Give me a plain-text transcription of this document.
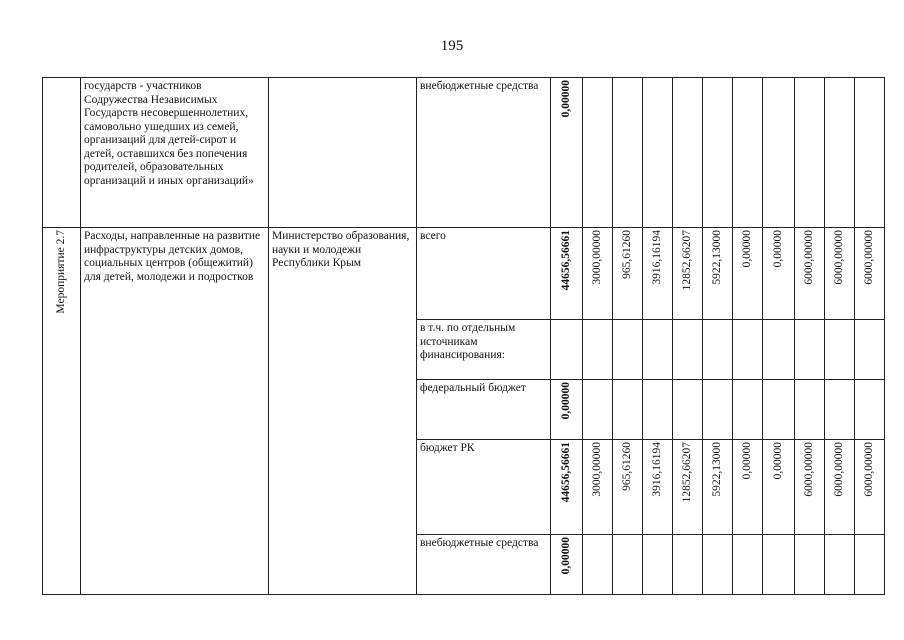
195
	государств - участников Содружества Независимых Государств несовершеннолетних, самовольно ушедших из семей, организаций для детей-сирот и детей, оставшихся без попечения родителей, образовательных организаций и иных организаций»		внебюджетные средства	0,00000										
Мероприятие 2.7	Расходы, направленные на развитие инфраструктуры детских домов, социальных центров (общежитий) для детей, молодежи и подростков	Министерство образования, науки и молодежи Республики Крым	всего	44656,56661	3000,00000	965,61260	3916,16194	12852,66207	5922,13000	0,00000	0,00000	6000,00000	6000,00000	6000,00000
			в т.ч. по отдельным источникам финансирования:											
			федеральный бюджет	0,00000										
			бюджет РК	44656,56661	3000,00000	965,61260	3916,16194	12852,66207	5922,13000	0,00000	0,00000	6000,00000	6000,00000	6000,00000
			внебюджетные средства	0,00000										
